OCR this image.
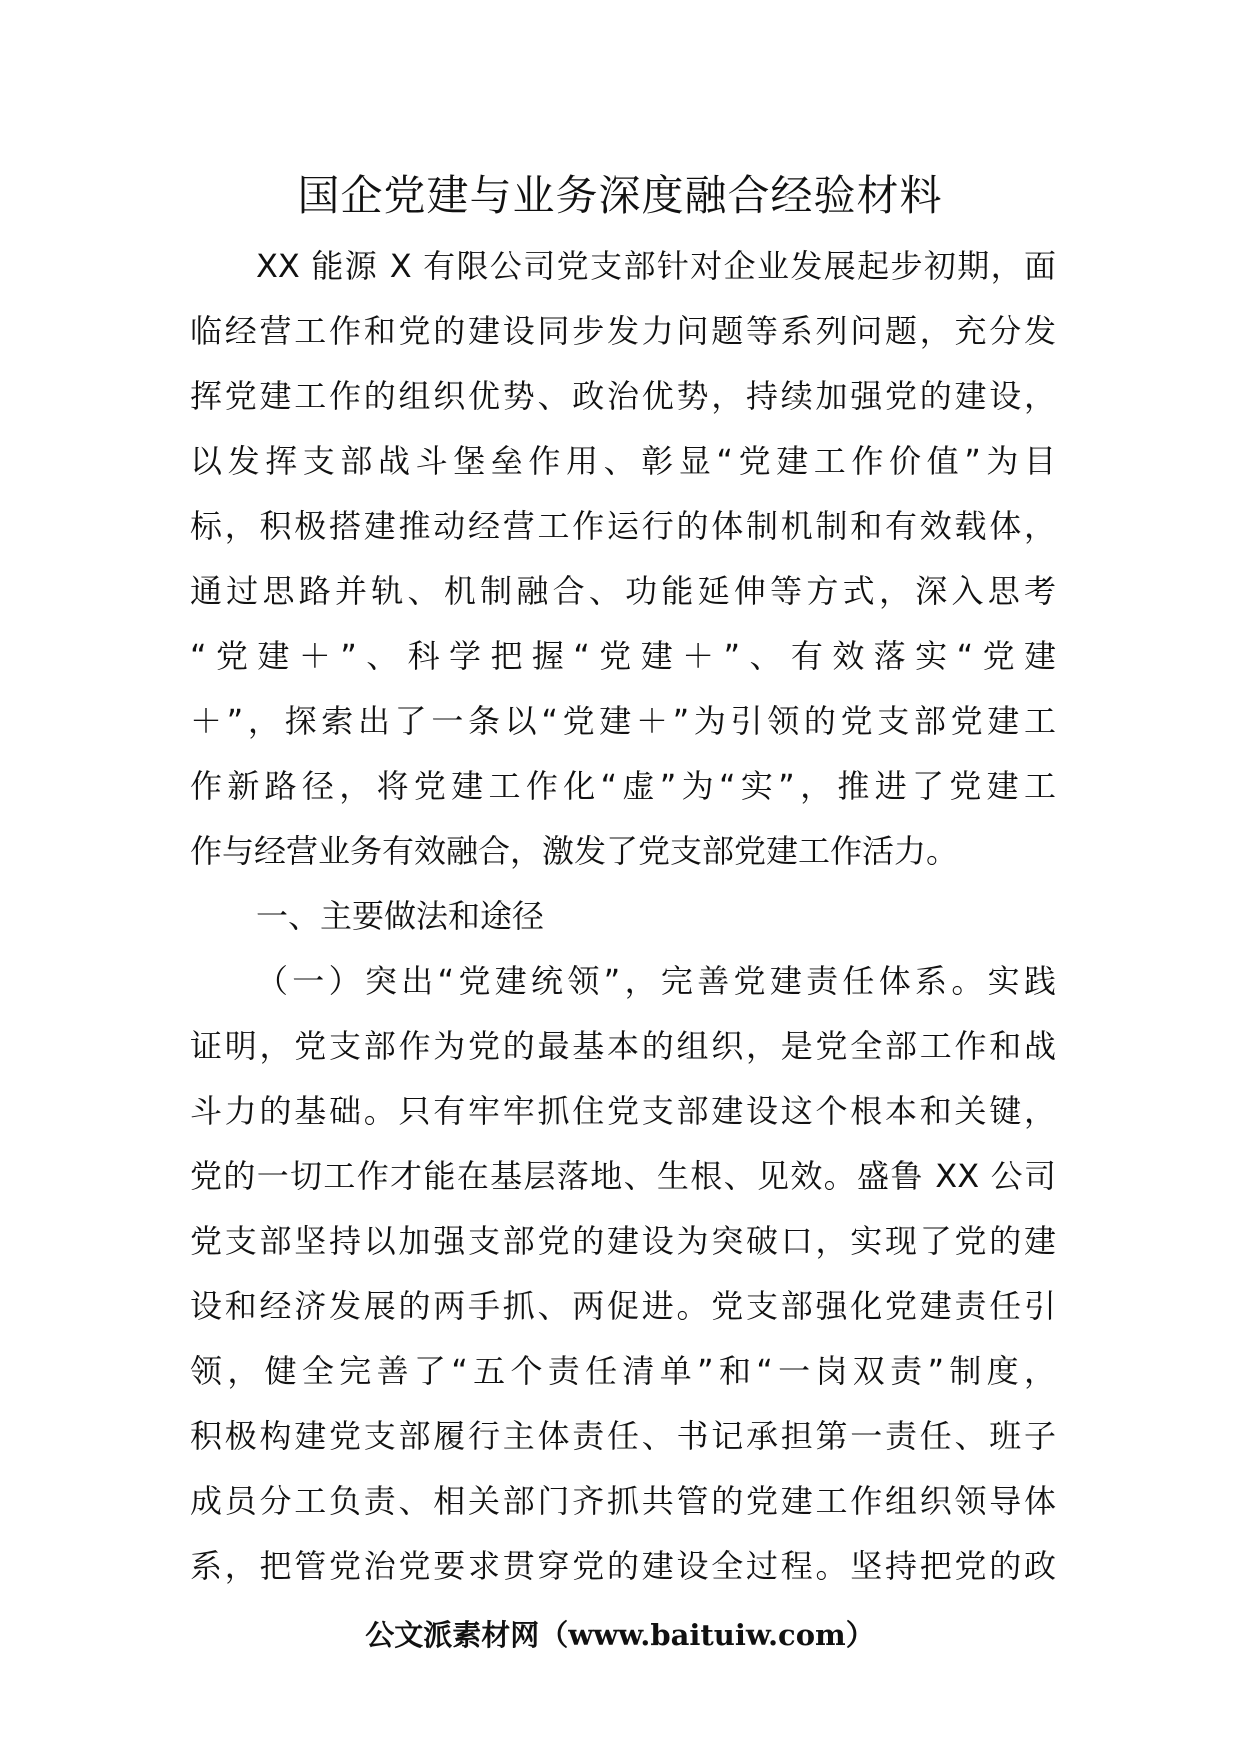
国企党建与业务深度融合经验材料
XX 能源 X 有限公司党支部针对企业发展起步初期，面
临经营工作和党的建设同步发力问题等系列问题，充分发
挥党建工作的组织优势、政治优势，持续加强党的建设，
以发挥支部战斗堡垒作用、彰显“党建工作价值”为目
标，积极搭建推动经营工作运行的体制机制和有效载体，
通过思路并轨、机制融合、功能延伸等方式，深入思考
“党建＋”、科学把握“党建＋”、有效落实“党建
＋”，探索出了一条以“党建＋”为引领的党支部党建工
作新路径，将党建工作化“虚”为“实”，推进了党建工
作与经营业务有效融合，激发了党支部党建工作活力。
一、主要做法和途径
（一）突出“党建统领”，完善党建责任体系。实践
证明，党支部作为党的最基本的组织，是党全部工作和战
斗力的基础。只有牢牢抓住党支部建设这个根本和关键，
党的一切工作才能在基层落地、生根、见效。盛鲁 XX 公司
党支部坚持以加强支部党的建设为突破口，实现了党的建
设和经济发展的两手抓、两促进。党支部强化党建责任引
领，健全完善了“五个责任清单”和“一岗双责”制度，
积极构建党支部履行主体责任、书记承担第一责任、班子
成员分工负责、相关部门齐抓共管的党建工作组织领导体
系，把管党治党要求贯穿党的建设全过程。坚持把党的政

公文派素材网（www.baituiw.com）
